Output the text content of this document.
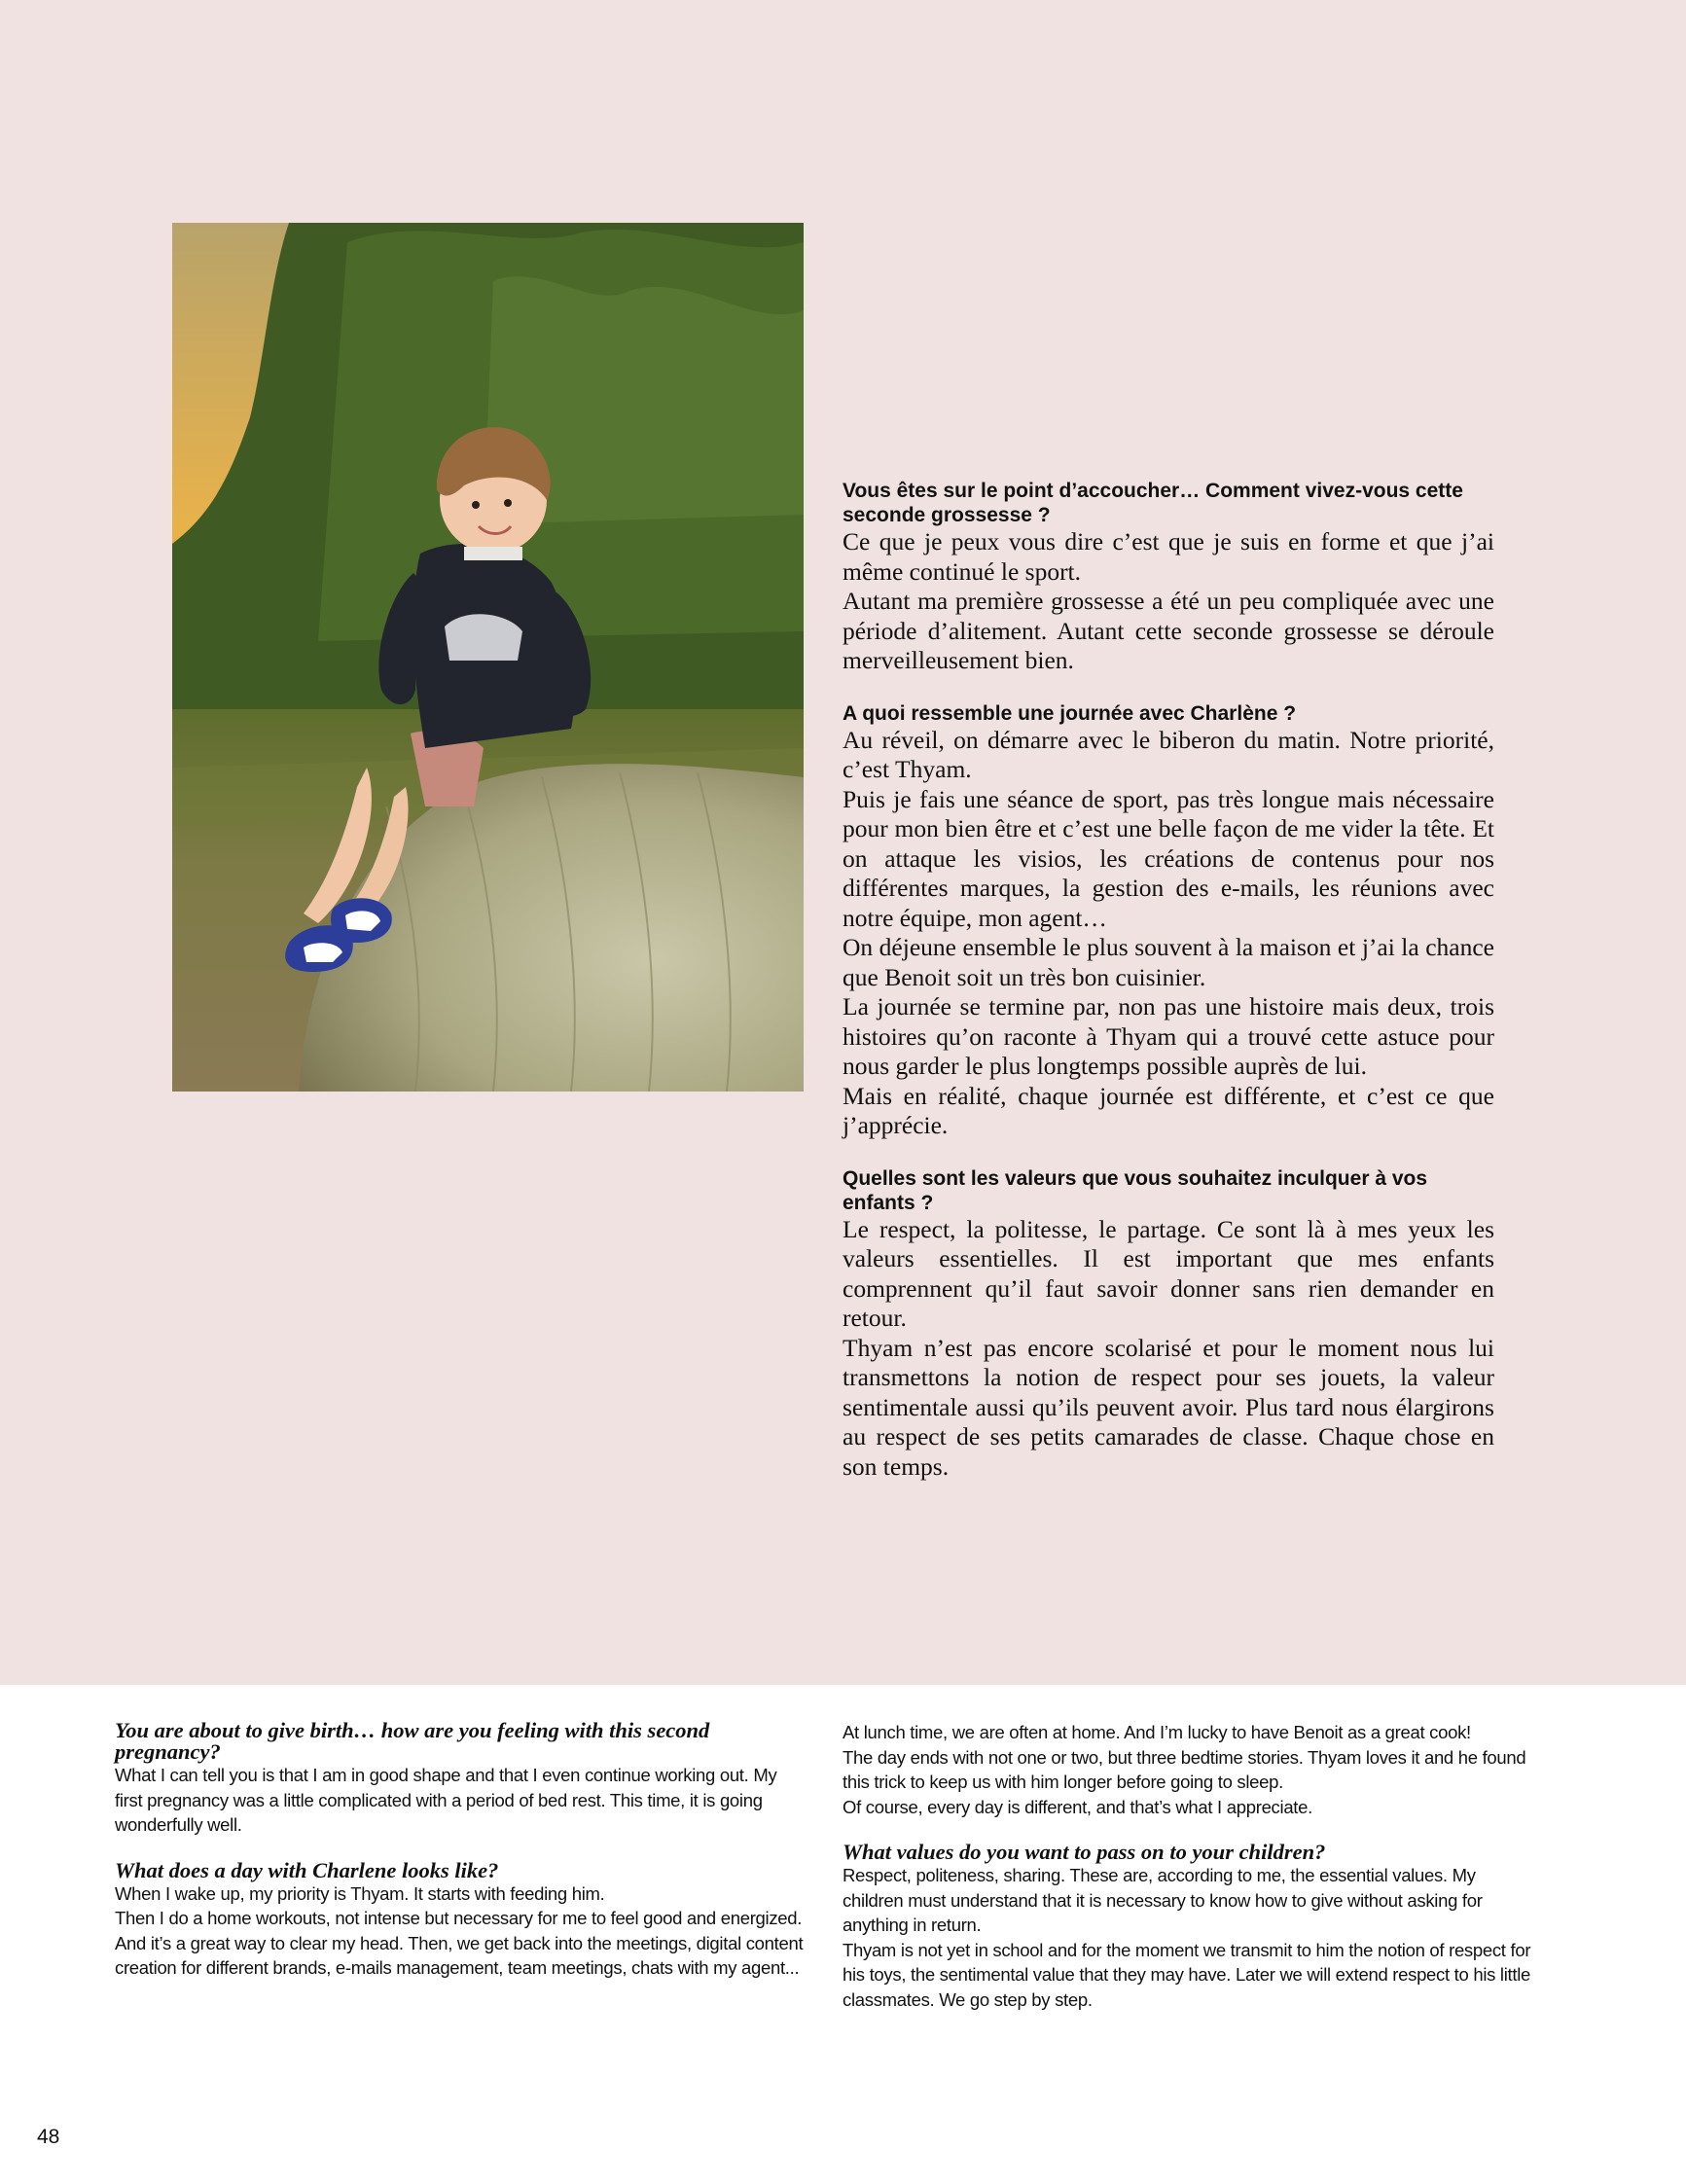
Vous êtes sur le point d’accoucher… Comment vivez-vous cette seconde grossesse ?

Ce que je peux vous dire c’est que je suis en forme et que j’ai même continué le sport.

Autant ma première grossesse a été un peu compliquée avec une période d’alitement. Autant cette seconde grossesse se déroule merveilleusement bien.

A quoi ressemble une journée avec Charlène ?

Au réveil, on démarre avec le biberon du matin. Notre priorité, c’est Thyam.

Puis je fais une séance de sport, pas très longue mais nécessaire pour mon bien être et c’est une belle façon de me vider la tête. Et on attaque les visios, les créations de contenus pour nos différentes marques, la gestion des e-mails, les réunions avec notre équipe, mon agent…

On déjeune ensemble le plus souvent à la maison et j’ai la chance que Benoit soit un très bon cuisinier.

La journée se termine par, non pas une histoire mais deux, trois histoires qu’on raconte à Thyam qui a trouvé cette astuce pour nous garder le plus longtemps possible auprès de lui.

Mais en réalité, chaque journée est différente, et c’est ce que j’apprécie.

Quelles sont les valeurs que vous souhaitez inculquer à vos enfants ?

Le respect, la politesse, le partage. Ce sont là à mes yeux les valeurs essentielles. Il est important que mes enfants comprennent qu’il faut savoir donner sans rien demander en retour.

Thyam n’est pas encore scolarisé et pour le moment nous lui transmettons la notion de respect pour ses jouets, la valeur sentimentale aussi qu’ils peuvent avoir. Plus tard nous élargirons au respect de ses petits camarades de classe. Chaque chose en son temps.

You are about to give birth… how are you feeling with this second pregnancy?

What I can tell you is that I am in good shape and that I even continue working out. My first pregnancy was a little complicated with a period of bed rest. This time, it is going wonderfully well.

What does a day with Charlene looks like?

When I wake up, my priority is Thyam. It starts with feeding him.

Then I do a home workouts, not intense but necessary for me to feel good and energized. And it’s a great way to clear my head. Then, we get back into the meetings, digital content creation for different brands, e-mails management, team meetings, chats with my agent...

At lunch time, we are often at home. And I’m lucky to have Benoit as a great cook!

The day ends with not one or two, but three bedtime stories. Thyam loves it and he found this trick to keep us with him longer before going to sleep.

Of course, every day is different, and that’s what I appreciate.

What values do you want to pass on to your children?

Respect, politeness, sharing. These are, according to me, the essential values. My children must understand that it is necessary to know how to give without asking for anything in return.

Thyam is not yet in school and for the moment we transmit to him the notion of respect for his toys, the sentimental value that they may have. Later we will extend respect to his little classmates. We go step by step.

48
